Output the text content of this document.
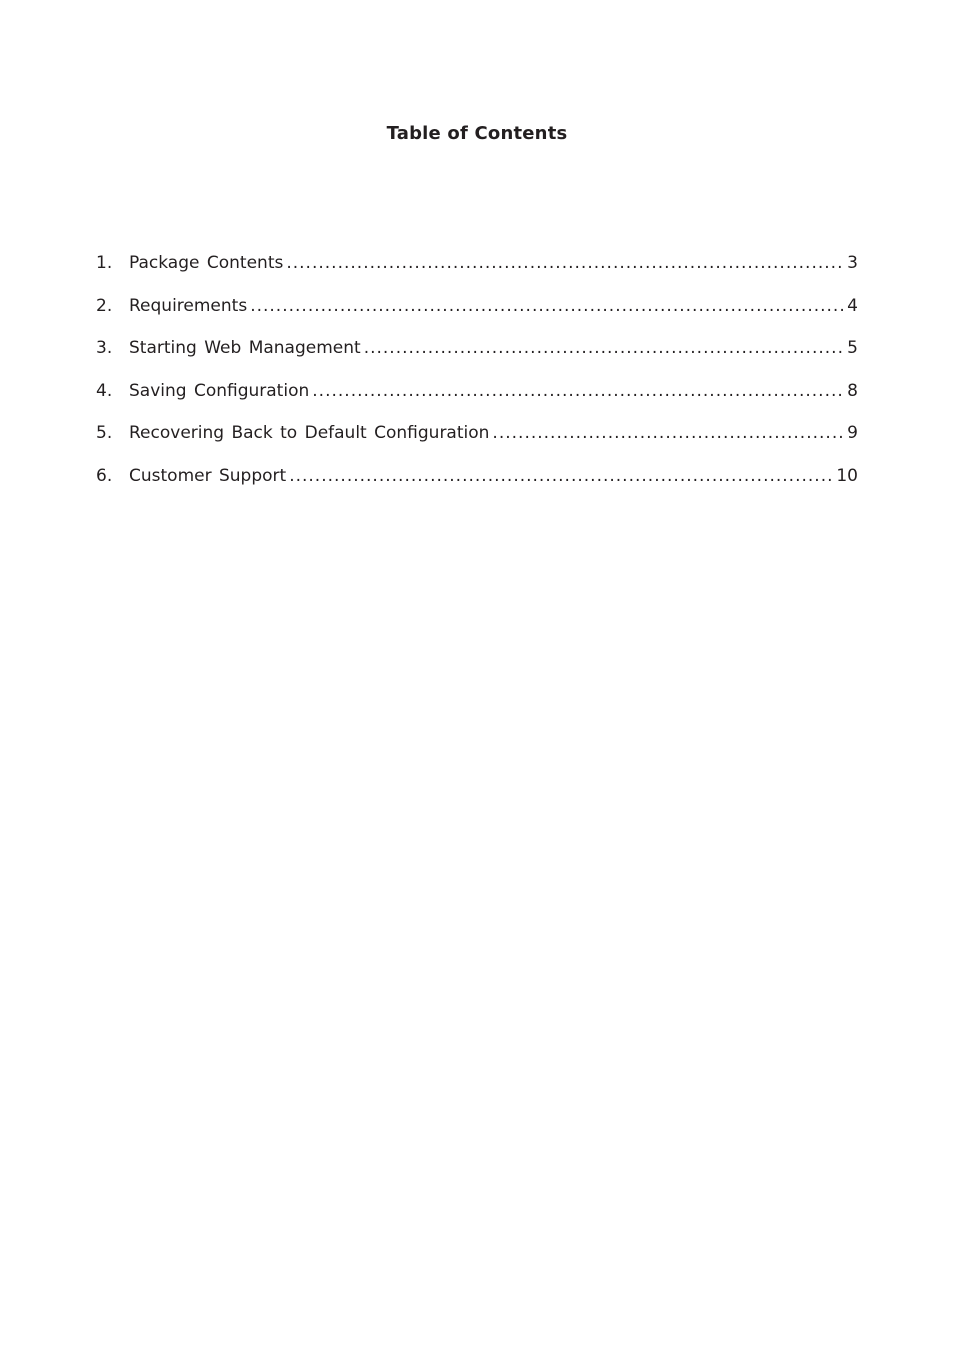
Table of Contents
1. Package Contents .....	3
2. Requirements .....	4
3. Starting Web Management .....	5
4. Saving Configuration .....	8
5. Recovering Back to Default Configuration .....	9
6. Customer Support .....	10
